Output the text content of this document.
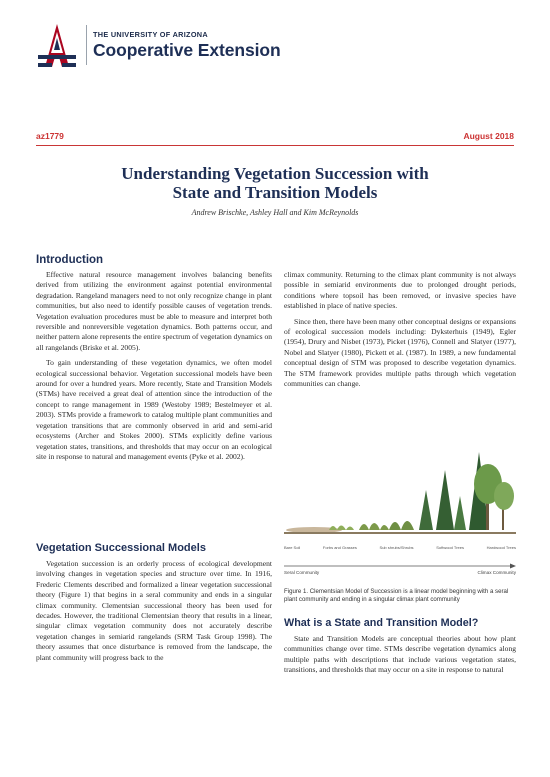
THE UNIVERSITY OF ARIZONA
Cooperative Extension
az1779	August 2018
Understanding Vegetation Succession with
State and Transition Models
Andrew Brischke, Ashley Hall and Kim McReynolds
Introduction

Effective natural resource management involves balancing benefits derived from utilizing the environment against potential environmental degradation. Rangeland managers need to not only recognize change in plant communities, but also need to identify possible causes of vegetation trends. Vegetation evaluation procedures must be able to measure and interpret both reversible and nonreversible vegetation dynamics. Both patterns occur, and neither pattern alone represents the entire spectrum of vegetation dynamics on all rangelands (Briske et al. 2005).

To gain understanding of these vegetation dynamics, we often model ecological successional behavior. Vegetation successional models have been around for over a hundred years. More recently, State and Transition Models (STMs) have received a great deal of attention since the introduction of the concept to range management in 1989 (Westoby 1989; Bestelmeyer et al. 2003). STMs provide a framework to catalog multiple plant communities and vegetation transitions that are commonly observed in arid and semi-arid ecosystems (Archer and Stokes 2000). STMs explicitly define various vegetation states, transitions, and thresholds that may occur on an ecological site in response to natural and management events (Pyke et al. 2002).

Vegetation Successional Models

Vegetation succession is an orderly process of ecological development involving changes in vegetation species and structure over time. In 1916, Frederic Clements described and formalized a linear vegetation successional theory (Figure 1) that begins in a seral community and ends in a singular climax community. Clementsian successional theory has been used for decades. However, the traditional Clementsian theory that results in a linear, singular climax vegetation community does not accurately describe vegetation changes in semiarid rangelands (SRM Task Group 1998). The theory assumes that once disturbance is removed from the landscape, the plant community will progress back to the

climax community. Returning to the climax plant community is not always possible in semiarid environments due to prolonged drought periods, conditions where topsoil has been removed, or invasive species have established in place of native species.

Since then, there have been many other conceptual designs or expansions of ecological succession models including: Dyksterhuis (1949), Egler (1954), Drury and Nisbet (1973), Picket (1976), Connell and Slatyer (1977), Nobel and Slatyer (1980), Pickett et al. (1987). In 1989, a new fundamental conceptual design of STM was proposed to describe vegetation dynamics. The STM framework provides multiple paths through which vegetation communities can change.

Bare Soil	Forbs and Grasses	Sub shrubs/Shrubs	Softwood Trees	Hardwood Trees
Seral Community	Climax Community
Figure 1. Clementsian Model of Succession is a linear model beginning with a seral plant community and ending in a singular climax plant community
What is a State and Transition Model?

State and Transition Models are conceptual theories about how plant communities change over time. STMs describe vegetation dynamics along multiple paths with descriptions that include various vegetation states, transitions, and thresholds that may occur on a site in response to natural
